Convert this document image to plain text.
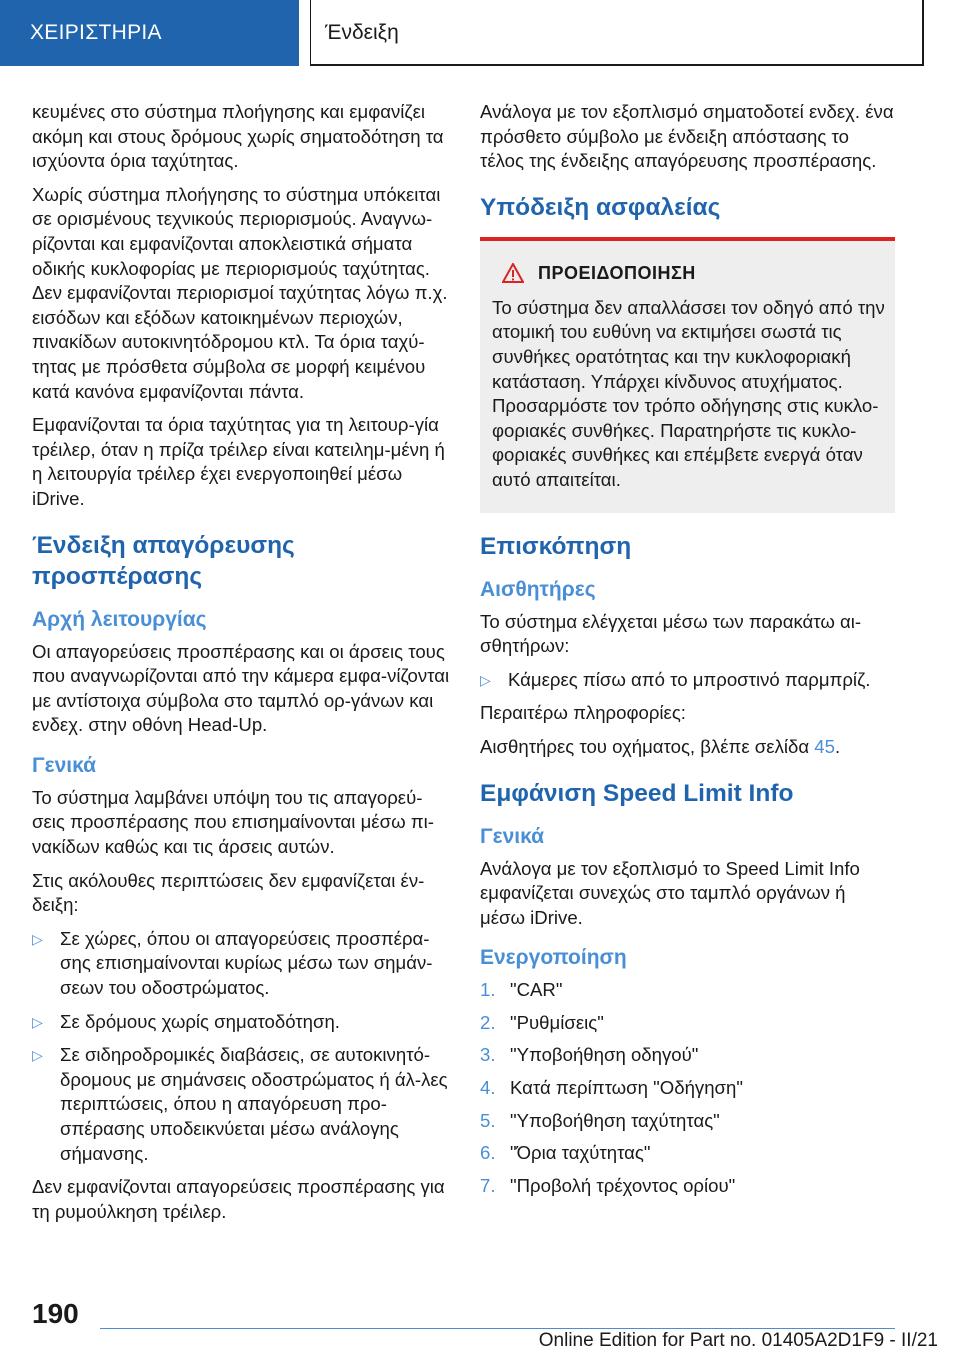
ΧΕΙΡΙΣΤΗΡΙΑ	Ένδειξη

κευμένες στο σύστημα πλοήγησης και εμφανίζει ακόμη και στους δρόμους χωρίς σηματοδότηση τα ισχύοντα όρια ταχύτητας.

Χωρίς σύστημα πλοήγησης το σύστημα υπόκειται σε ορισμένους τεχνικούς περιορισμούς. Αναγνω-ρίζονται και εμφανίζονται αποκλειστικά σήματα οδικής κυκλοφορίας με περιορισμούς ταχύτητας. Δεν εμφανίζονται περιορισμοί ταχύτητας λόγω π.χ. εισόδων και εξόδων κατοικημένων περιοχών, πινακίδων αυτοκινητόδρομου κτλ. Τα όρια ταχύ-τητας με πρόσθετα σύμβολα σε μορφή κειμένου κατά κανόνα εμφανίζονται πάντα.

Εμφανίζονται τα όρια ταχύτητας για τη λειτουρ-γία τρέιλερ, όταν η πρίζα τρέιλερ είναι κατειλημ-μένη ή η λειτουργία τρέιλερ έχει ενεργοποιηθεί μέσω iDrive.

Ένδειξη απαγόρευσης προσπέρασης
Αρχή λειτουργίας

Οι απαγορεύσεις προσπέρασης και οι άρσεις τους που αναγνωρίζονται από την κάμερα εμφα-νίζονται με αντίστοιχα σύμβολα στο ταμπλό ορ-γάνων και ενδεχ. στην οθόνη Head-Up.

Γενικά

Το σύστημα λαμβάνει υπόψη του τις απαγορεύ-σεις προσπέρασης που επισημαίνονται μέσω πι-νακίδων καθώς και τις άρσεις αυτών.

Στις ακόλουθες περιπτώσεις δεν εμφανίζεται έν-δειξη:

▷ Σε χώρες, όπου οι απαγορεύσεις προσπέρα-σης επισημαίνονται κυρίως μέσω των σημάν-σεων του οδοστρώματος.
▷ Σε δρόμους χωρίς σηματοδότηση.
▷ Σε σιδηροδρομικές διαβάσεις, σε αυτοκινητό-δρομους με σημάνσεις οδοστρώματος ή άλ-λες περιπτώσεις, όπου η απαγόρευση προ-σπέρασης υποδεικνύεται μέσω ανάλογης σήμανσης.

Δεν εμφανίζονται απαγορεύσεις προσπέρασης για τη ρυμούλκηση τρέιλερ.

Ανάλογα με τον εξοπλισμό σηματοδοτεί ενδεχ. ένα πρόσθετο σύμβολο με ένδειξη απόστασης το τέλος της ένδειξης απαγόρευσης προσπέρασης.

Υπόδειξη ασφαλείας
ΠΡΟΕΙΔΟΠΟΙΗΣΗ

Το σύστημα δεν απαλλάσσει τον οδηγό από την ατομική του ευθύνη να εκτιμήσει σωστά τις συνθήκες ορατότητας και την κυκλοφοριακή κατάσταση. Υπάρχει κίνδυνος ατυχήματος. Προσαρμόστε τον τρόπο οδήγησης στις κυκλο-φοριακές συνθήκες. Παρατηρήστε τις κυκλο-φοριακές συνθήκες και επέμβετε ενεργά όταν αυτό απαιτείται.

Επισκόπηση
Αισθητήρες

Το σύστημα ελέγχεται μέσω των παρακάτω αι-σθητήρων:

▷ Κάμερες πίσω από το μπροστινό παρμπρίζ.

Περαιτέρω πληροφορίες:

Αισθητήρες του οχήματος, βλέπε σελίδα 45.

Εμφάνιση Speed Limit Info
Γενικά

Ανάλογα με τον εξοπλισμό το Speed Limit Info εμφανίζεται συνεχώς στο ταμπλό οργάνων ή μέσω iDrive.

Ενεργοποίηση
1. "CAR"
2. "Ρυθμίσεις"
3. "Υποβοήθηση οδηγού"
4. Κατά περίπτωση "Οδήγηση"
5. "Υποβοήθηση ταχύτητας"
6. "Όρια ταχύτητας"
7. "Προβολή τρέχοντος ορίου"
190
Online Edition for Part no. 01405A2D1F9 - II/21
